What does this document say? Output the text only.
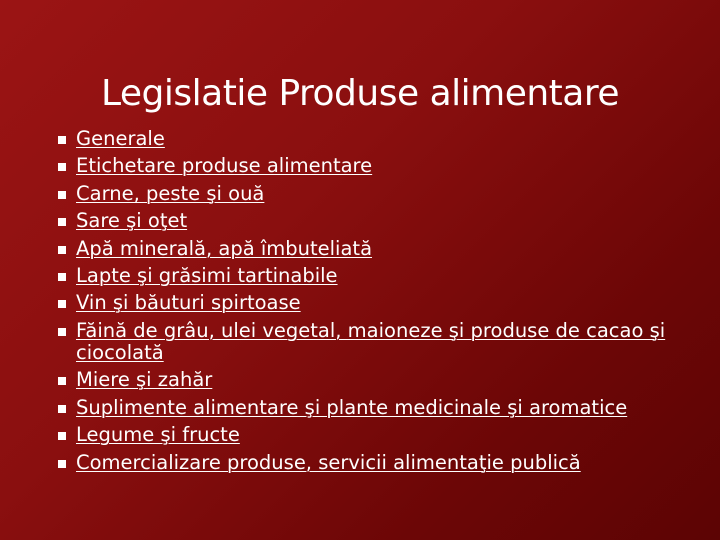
Legislatie Produse alimentare
Generale
Etichetare produse alimentare
Carne, peste şi ouă
Sare şi oţet
Apă minerală, apă îmbuteliată
Lapte şi grăsimi tartinabile
Vin şi băuturi spirtoase
Făină de grâu, ulei vegetal, maioneze şi produse de cacao şi ciocolată
Miere şi zahăr
Suplimente alimentare şi plante medicinale şi aromatice
Legume şi fructe
Comercializare produse, servicii alimentaţie publică
